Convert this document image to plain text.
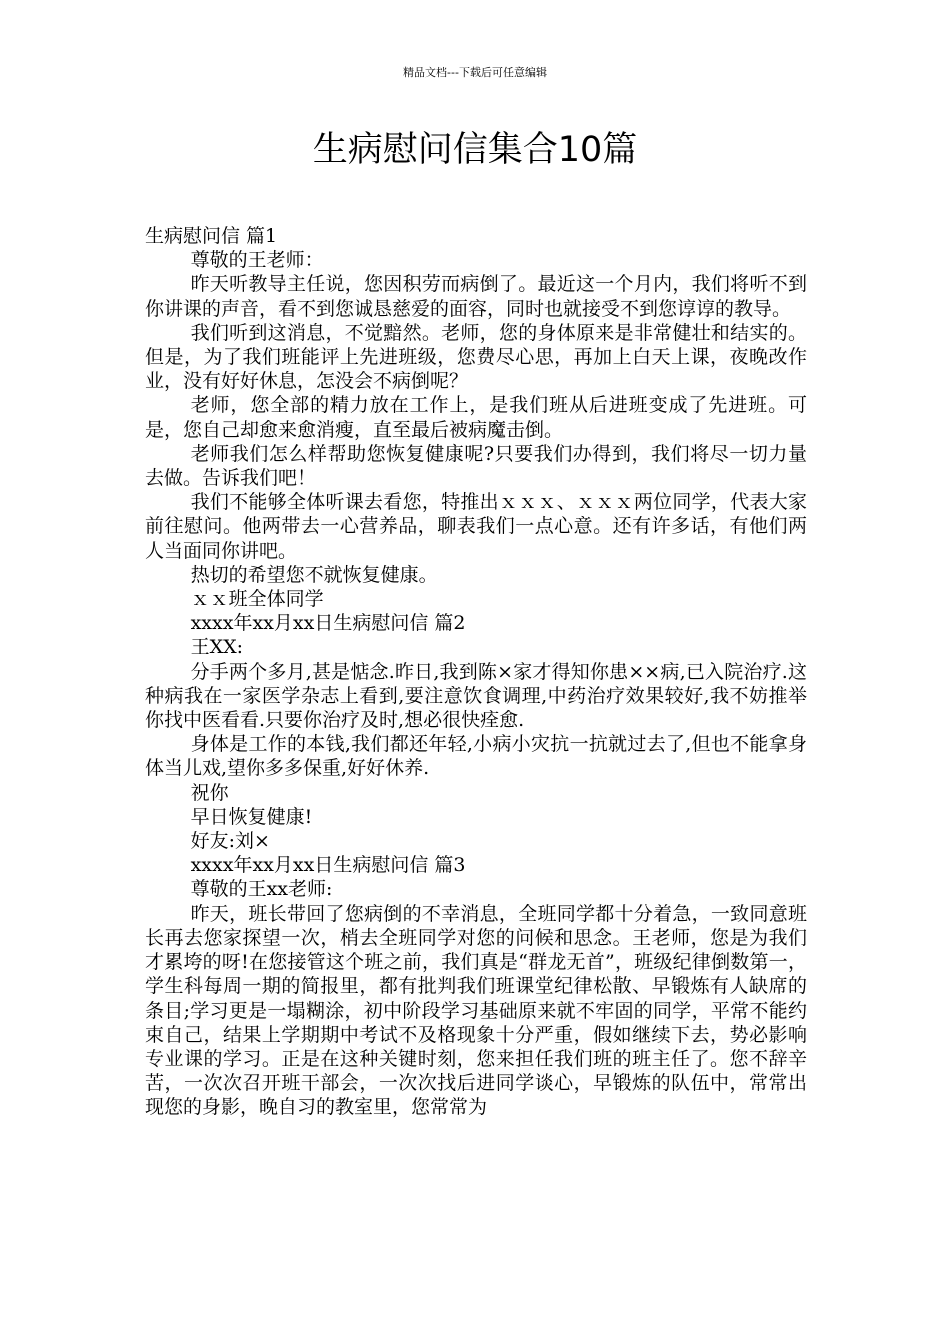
精品文档---下载后可任意编辑
生病慰问信集合10篇

生病慰问信 篇1

尊敬的王老师：

昨天听教导主任说，您因积劳而病倒了。最近这一个月内，我们将听不到你讲课的声音，看不到您诚恳慈爱的面容，同时也就接受不到您谆谆的教导。

我们听到这消息，不觉黯然。老师，您的身体原来是非常健壮和结实的。但是，为了我们班能评上先进班级，您费尽心思，再加上白天上课，夜晚改作业，没有好好休息，怎没会不病倒呢？

老师，您全部的精力放在工作上，是我们班从后进班变成了先进班。可是，您自己却愈来愈消瘦，直至最后被病魔击倒。

老师我们怎么样帮助您恢复健康呢?只要我们办得到，我们将尽一切力量去做。告诉我们吧！

我们不能够全体听课去看您，特推出ｘｘｘ、ｘｘｘ两位同学，代表大家前往慰问。他两带去一心营养品，聊表我们一点心意。还有许多话，有他们两人当面同你讲吧。

热切的希望您不就恢复健康。

ｘｘ班全体同学

xxxx年xx月xx日生病慰问信 篇2

王XX:

分手两个多月,甚是惦念.昨日,我到陈×家才得知你患××病,已入院治疗.这种病我在一家医学杂志上看到,要注意饮食调理,中药治疗效果较好,我不妨推举你找中医看看.只要你治疗及时,想必很快痊愈.

身体是工作的本钱,我们都还年轻,小病小灾抗一抗就过去了,但也不能拿身体当儿戏,望你多多保重,好好休养.

祝你

早日恢复健康!

好友:刘×

xxxx年xx月xx日生病慰问信 篇3

尊敬的王xx老师:

昨天，班长带回了您病倒的不幸消息，全班同学都十分着急，一致同意班长再去您家探望一次，梢去全班同学对您的问候和思念。王老师，您是为我们才累垮的呀!在您接管这个班之前，我们真是“群龙无首”，班级纪律倒数第一，学生科每周一期的简报里，都有批判我们班课堂纪律松散、早锻炼有人缺席的条目;学习更是一塌糊涂，初中阶段学习基础原来就不牢固的同学，平常不能约束自己，结果上学期期中考试不及格现象十分严重，假如继续下去，势必影响专业课的学习。正是在这种关键时刻，您来担任我们班的班主任了。您不辞辛苦，一次次召开班干部会，一次次找后进同学谈心，早锻炼的队伍中，常常出现您的身影，晚自习的教室里，您常常为
